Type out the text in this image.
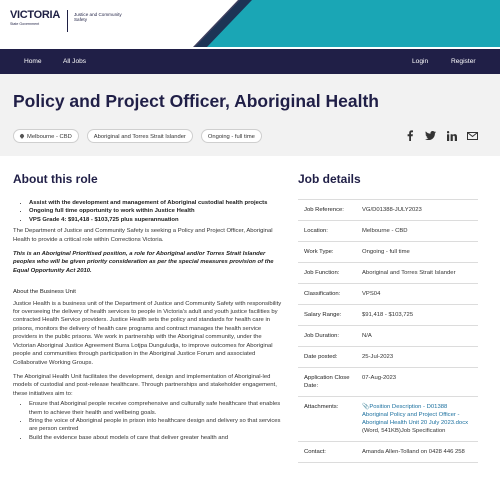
VICTORIA
State Government
Justice and Community Safety
Home	All Jobs	Login	Register
Policy and Project Officer, Aboriginal Health
Melbourne - CBD	Aboriginal and Torres Strait Islander	Ongoing - full time
About this role
• Assist with the development and management of Aboriginal custodial health projects
• Ongoing full time opportunity to work within Justice Health
• VPS Grade 4: $91,418 - $103,725 plus superannuation

The Department of Justice and Community Safety is seeking a Policy and Project Officer, Aboriginal Health to provide a critical role within Corrections Victoria.

This is an Aboriginal Prioritised position, a role for Aboriginal and/or Torres Strait Islander peoples who will be given priority consideration as per the special measures provision of the Equal Opportunity Act 2010.

About the Business Unit

Justice Health is a business unit of the Department of Justice and Community Safety with responsibility for overseeing the delivery of health services to people in Victoria's adult and youth justice facilities by contracted Health Service providers. Justice Health sets the policy and standards for health care in prisons, monitors the delivery of health care programs and contract manages the health service providers in the public prisons. We work in partnership with the Aboriginal community, under the Victorian Aboriginal Justice Agreement Burra Lotjpa Dunguludja, to improve outcomes for Aboriginal people and communities through participation in the Aboriginal Justice Forum and associated Collaborative Working Groups.

The Aboriginal Health Unit facilitates the development, design and implementation of Aboriginal-led models of custodial and post-release healthcare. Through partnerships and stakeholder engagement, these initiatives aim to:

• Ensure that Aboriginal people receive comprehensive and culturally safe healthcare that enables them to achieve their health and wellbeing goals.
• Bring the voice of Aboriginal people in prison into healthcare design and delivery so that services are person centred
• Build the evidence base about models of care that deliver greater health and
Job details
Job Reference:	VG/D01388-JULY2023
Location:	Melbourne - CBD
Work Type:	Ongoing - full time
Job Function:	Aboriginal and Torres Strait Islander
Classification:	VPS04
Salary Range:	$91,418 - $103,725
Job Duration:	N/A
Date posted:	25-Jul-2023
Application Close Date:
07-Aug-2023
Attachments:	📎Position Description - D01388 Aboriginal Policy and Project Officer - Aboriginal Health Unit 20 July 2023.docx (Word, 541KB)Job Specification
Contact:	Amanda Allen-Tolland on 0428 446 258
